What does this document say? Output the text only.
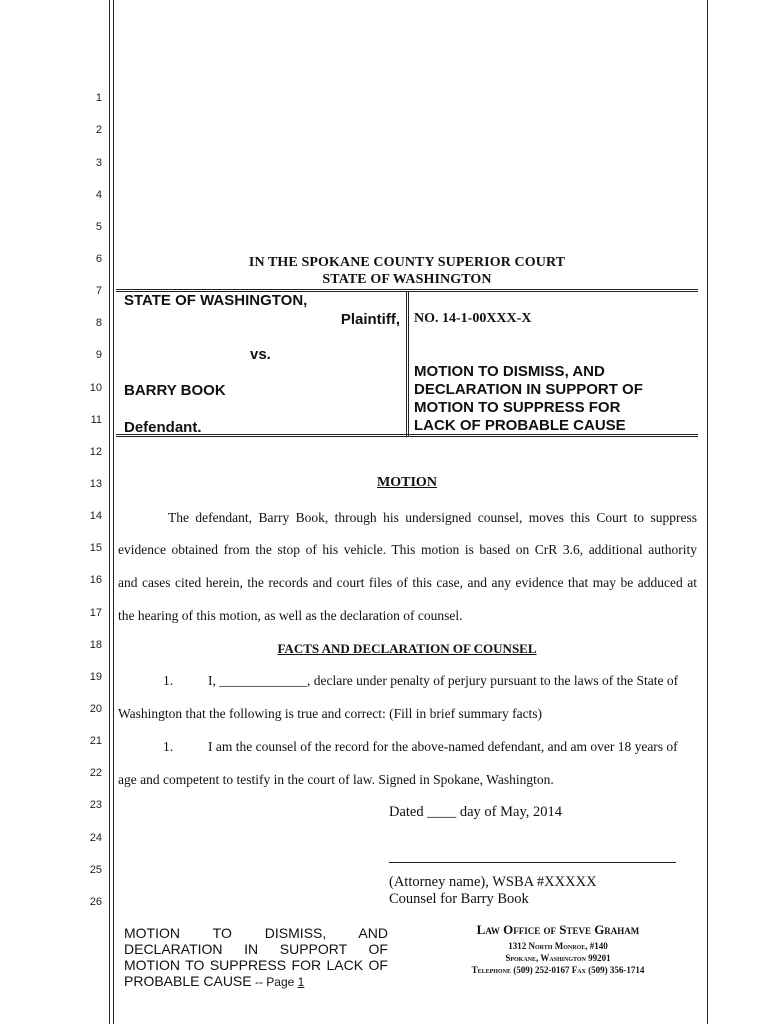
1
2
3
4
5
6
7
8
9
10
11
12
13
14
15
16
17
18
19
20
21
22
23
24
25
26
IN THE SPOKANE COUNTY SUPERIOR COURT
STATE OF WASHINGTON
STATE OF WASHINGTON,
Plaintiff,
vs.
BARRY BOOK
Defendant.
NO. 14-1-00XXX-X
MOTION TO DISMISS, AND
DECLARATION IN SUPPORT OF
MOTION TO SUPPRESS FOR
LACK OF PROBABLE CAUSE
MOTION
The defendant, Barry Book, through his undersigned counsel, moves this Court to suppress
evidence obtained from the stop of his vehicle. This motion is based on CrR 3.6, additional authority
and cases cited herein, the records and court files of this case, and any evidence that may be adduced at
the hearing of this motion, as well as the declaration of counsel.
FACTS AND DECLARATION OF COUNSEL
1.	I, _____________, declare under penalty of perjury pursuant to the laws of the State of
Washington that the following is true and correct: (Fill in brief summary facts)
1.	I am the counsel of the record for the above-named defendant, and am over 18 years of
age and competent to testify in the court of law. Signed in Spokane, Washington.
Dated ____ day of May, 2014
(Attorney name), WSBA #XXXXX
Counsel for Barry Book
MOTION TO DISMISS, AND DECLARATION IN SUPPORT OF MOTION TO SUPPRESS FOR LACK OF PROBABLE CAUSE -- Page 1
Law Office of Steve Graham
1312 North Monroe, #140
Spokane, Washington 99201
Telephone (509) 252-0167 Fax (509) 356-1714
